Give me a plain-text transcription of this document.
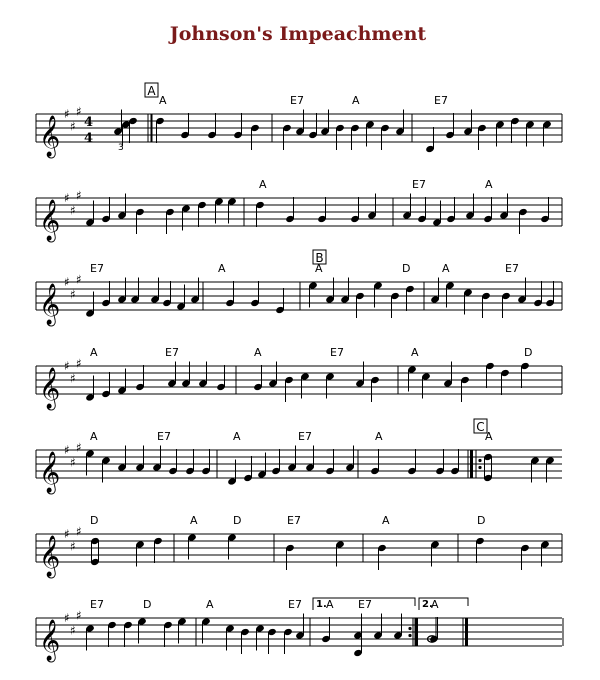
Johnson's Impeachment
𝄞
♯
♯
♯
A	E7	A	E7
𝄞
♯
♯
♯
A	E7	A
𝄞
♯
♯
♯
E7	A	A	D	A	E7
𝄞
♯
♯
♯
A	E7	A	E7	A	D
𝄞
♯
♯
♯
A	E7	A	E7	A	A
𝄞
♯
♯
♯
D	A	D	E7	A	D
𝄞
♯
♯
♯
E7	D	A	E7 A E7	A
A
B
C
4
4
3
1.	2.
